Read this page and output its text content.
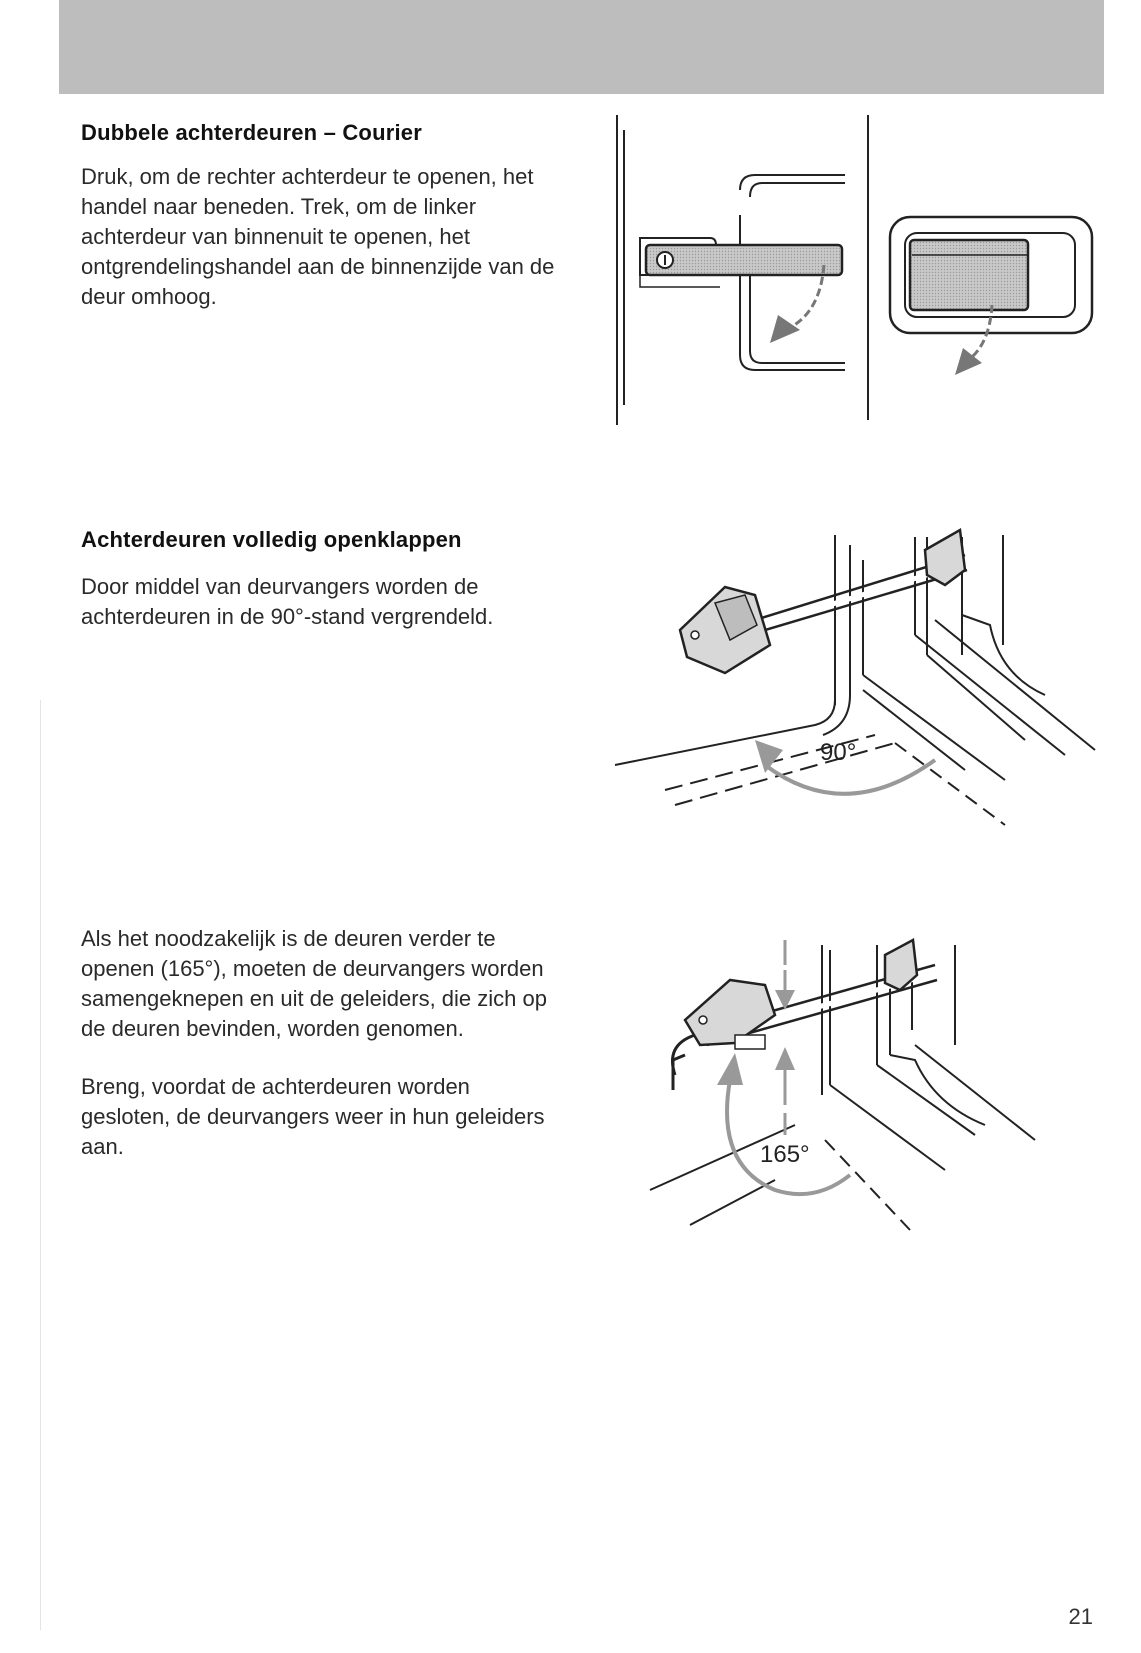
Dubbele achterdeuren – Courier

Druk, om de rechter achterdeur te openen, het handel naar beneden. Trek, om de linker achterdeur van binnenuit te openen, het ontgrendelingshandel aan de binnenzijde van de deur omhoog.

Achterdeuren volledig openklappen

Door middel van deurvangers worden de achterdeuren in de 90°-stand vergrendeld.

90°

Als het noodzakelijk is de deuren verder te openen (165°), moeten de deurvangers worden samengeknepen en uit de geleiders, die zich op de deuren bevinden, worden genomen.

Breng, voordat de achterdeuren worden gesloten, de deurvangers weer in hun geleiders aan.	165°
21
